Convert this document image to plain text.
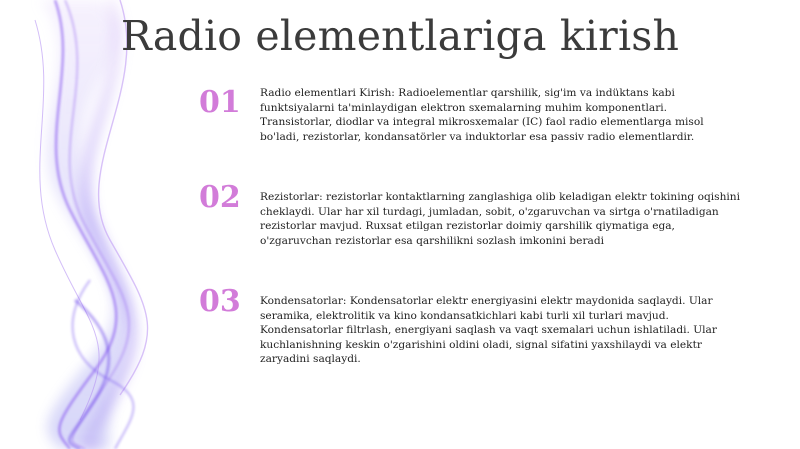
Radio elementlariga kirish
01 Radio elementlari Kirish: Radioelementlar qarshilik, sig'im va indüktans kabi funktsiyalarni ta'minlaydigan elektron sxemalarning muhim komponentlari. Transistorlar, diodlar va integral mikrosxemalar (IC) faol radio elementlarga misol bo'ladi, rezistorlar, kondansatörler va induktorlar esa passiv radio elementlardir.
02 Rezistorlar: rezistorlar kontaktlarning zanglashiga olib keladigan elektr tokining oqishini cheklaydi. Ular har xil turdagi, jumladan, sobit, o'zgaruvchan va sirtga o'rnatiladigan rezistorlar mavjud. Ruxsat etilgan rezistorlar doimiy qarshilik qiymatiga ega, o'zgaruvchan rezistorlar esa qarshilikni sozlash imkonini beradi
03 Kondensatorlar: Kondensatorlar elektr energiyasini elektr maydonida saqlaydi. Ular seramika, elektrolitik va kino kondansatkichlari kabi turli xil turlari mavjud. Kondensatorlar filtrlash, energiyani saqlash va vaqt sxemalari uchun ishlatiladi. Ular kuchlanishning keskin o'zgarishini oldini oladi, signal sifatini yaxshilaydi va elektr zaryadini saqlaydi.
